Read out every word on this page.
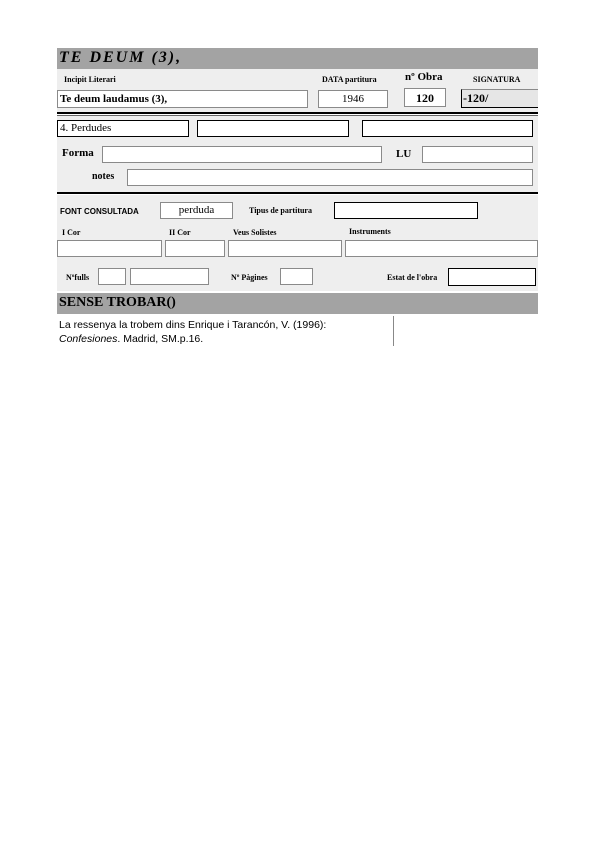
TE DEUM (3),
Incipit Literari	DATA partitura	nº Obra	SIGNATURA
Te deum laudamus (3),	1946	120	-120/
4. Perdudes
Forma	LU
notes
FONT CONSULTADA	perduda	Tipus de partitura
I Cor	II Cor	Veus Solistes	Instruments
Nºfulls	Nº Pàgines	Estat de l'obra
SENSE TROBAR()
La ressenya la trobem dins Enrique i Tarancón, V. (1996):
Confesiones. Madrid, SM.p.16.
